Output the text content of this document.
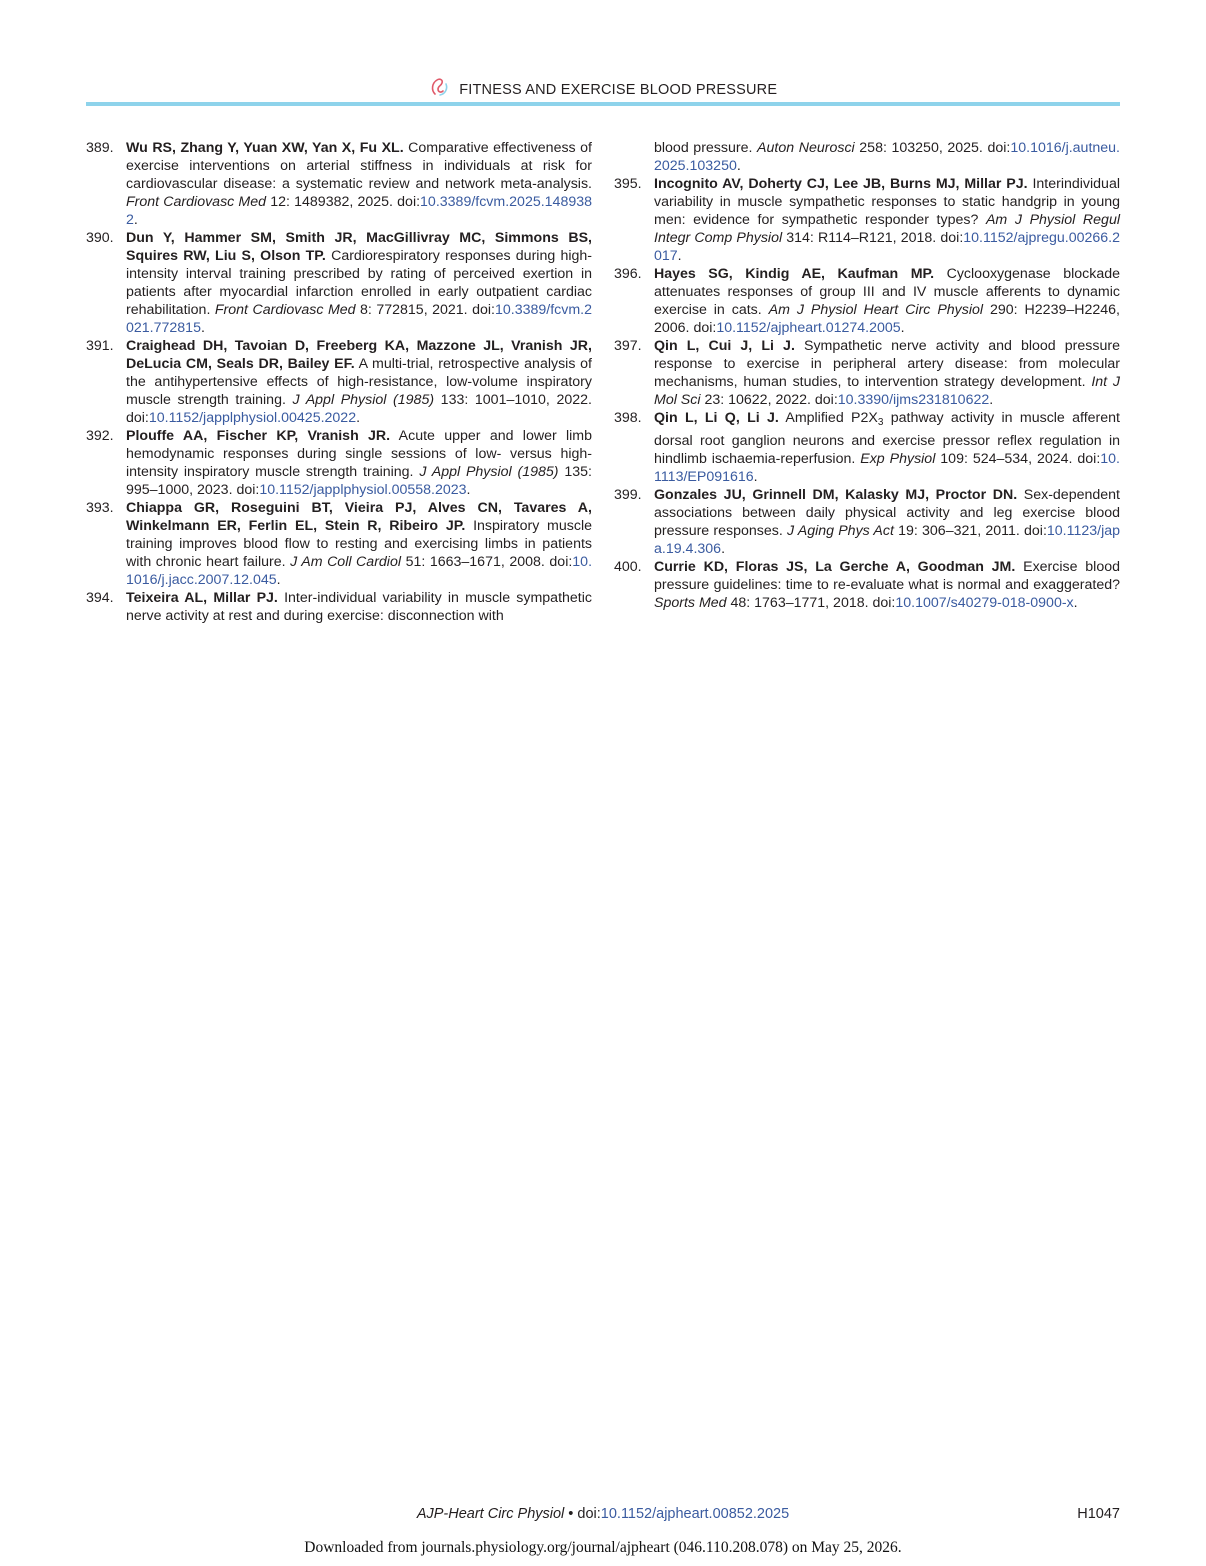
FITNESS AND EXERCISE BLOOD PRESSURE
389. Wu RS, Zhang Y, Yuan XW, Yan X, Fu XL. Comparative effectiveness of exercise interventions on arterial stiffness in individuals at risk for cardiovascular disease: a systematic review and network meta-analysis. Front Cardiovasc Med 12: 1489382, 2025. doi:10.3389/fcvm.2025.1489382.
390. Dun Y, Hammer SM, Smith JR, MacGillivray MC, Simmons BS, Squires RW, Liu S, Olson TP. Cardiorespiratory responses during high-intensity interval training prescribed by rating of perceived exertion in patients after myocardial infarction enrolled in early outpatient cardiac rehabilitation. Front Cardiovasc Med 8: 772815, 2021. doi:10.3389/fcvm.2021.772815.
391. Craighead DH, Tavoian D, Freeberg KA, Mazzone JL, Vranish JR, DeLucia CM, Seals DR, Bailey EF. A multi-trial, retrospective analysis of the antihypertensive effects of high-resistance, low-volume inspiratory muscle strength training. J Appl Physiol (1985) 133: 1001–1010, 2022. doi:10.1152/japplphysiol.00425.2022.
392. Plouffe AA, Fischer KP, Vranish JR. Acute upper and lower limb hemodynamic responses during single sessions of low- versus high-intensity inspiratory muscle strength training. J Appl Physiol (1985) 135: 995–1000, 2023. doi:10.1152/japplphysiol.00558.2023.
393. Chiappa GR, Roseguini BT, Vieira PJ, Alves CN, Tavares A, Winkelmann ER, Ferlin EL, Stein R, Ribeiro JP. Inspiratory muscle training improves blood flow to resting and exercising limbs in patients with chronic heart failure. J Am Coll Cardiol 51: 1663–1671, 2008. doi:10.1016/j.jacc.2007.12.045.
394. Teixeira AL, Millar PJ. Inter-individual variability in muscle sympathetic nerve activity at rest and during exercise: disconnection with
blood pressure. Auton Neurosci 258: 103250, 2025. doi:10.1016/j.autneu.2025.103250.
395. Incognito AV, Doherty CJ, Lee JB, Burns MJ, Millar PJ. Interindividual variability in muscle sympathetic responses to static handgrip in young men: evidence for sympathetic responder types? Am J Physiol Regul Integr Comp Physiol 314: R114–R121, 2018. doi:10.1152/ajpregu.00266.2017.
396. Hayes SG, Kindig AE, Kaufman MP. Cyclooxygenase blockade attenuates responses of group III and IV muscle afferents to dynamic exercise in cats. Am J Physiol Heart Circ Physiol 290: H2239–H2246, 2006. doi:10.1152/ajpheart.01274.2005.
397. Qin L, Cui J, Li J. Sympathetic nerve activity and blood pressure response to exercise in peripheral artery disease: from molecular mechanisms, human studies, to intervention strategy development. Int J Mol Sci 23: 10622, 2022. doi:10.3390/ijms231810622.
398. Qin L, Li Q, Li J. Amplified $P2X_3$ pathway activity in muscle afferent dorsal root ganglion neurons and exercise pressor reflex regulation in hindlimb ischaemia-reperfusion. Exp Physiol 109: 524–534, 2024. doi:10.1113/EP091616.
399. Gonzales JU, Grinnell DM, Kalasky MJ, Proctor DN. Sex-dependent associations between daily physical activity and leg exercise blood pressure responses. J Aging Phys Act 19: 306–321, 2011. doi:10.1123/japa.19.4.306.
400. Currie KD, Floras JS, La Gerche A, Goodman JM. Exercise blood pressure guidelines: time to re-evaluate what is normal and exaggerated? Sports Med 48: 1763–1771, 2018. doi:10.1007/s40279-018-0900-x.
AJP-Heart Circ Physiol • doi:10.1152/ajpheart.00852.2025	H1047
Downloaded from journals.physiology.org/journal/ajpheart (046.110.208.078) on May 25, 2026.
